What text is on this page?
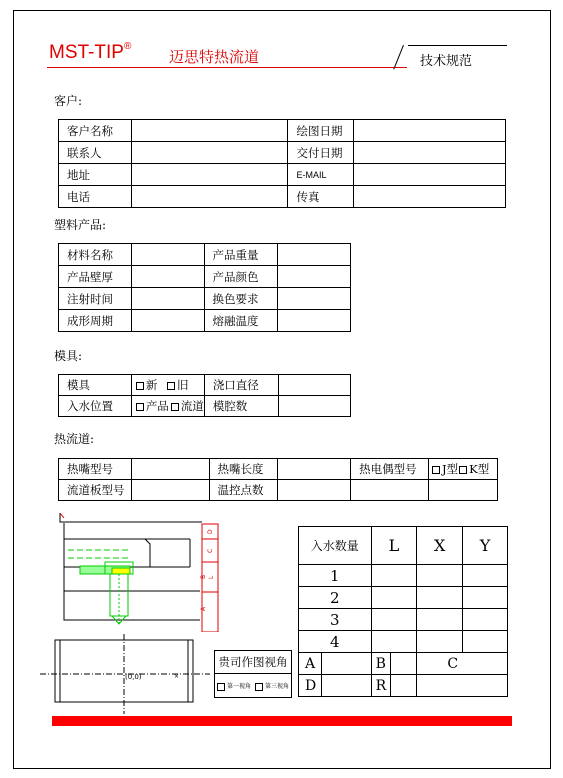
MST-TIP®
迈思特热流道	技术规范
客户:
客户名称		绘图日期	
联系人		交付日期	
地址		E-MAIL	
电话		传真	
塑料产品:
材料名称		产品重量	
产品壁厚		产品颜色	
注射时间		换色要求	
成形周期		熔融温度	
模具:
模具	新 旧	浇口直径	
入水位置	产品 流道	模腔数	
热流道:
热嘴型号		热嘴长度		热电偶型号	J型 K型
流道板型号		温控点数			
D
C
B L
A
(0,0)	×
入水数量	L	X	Y
1			
2			
3			
4			
A	B	C	
D	R	

贵司作图视角
第一视角	第三视角
